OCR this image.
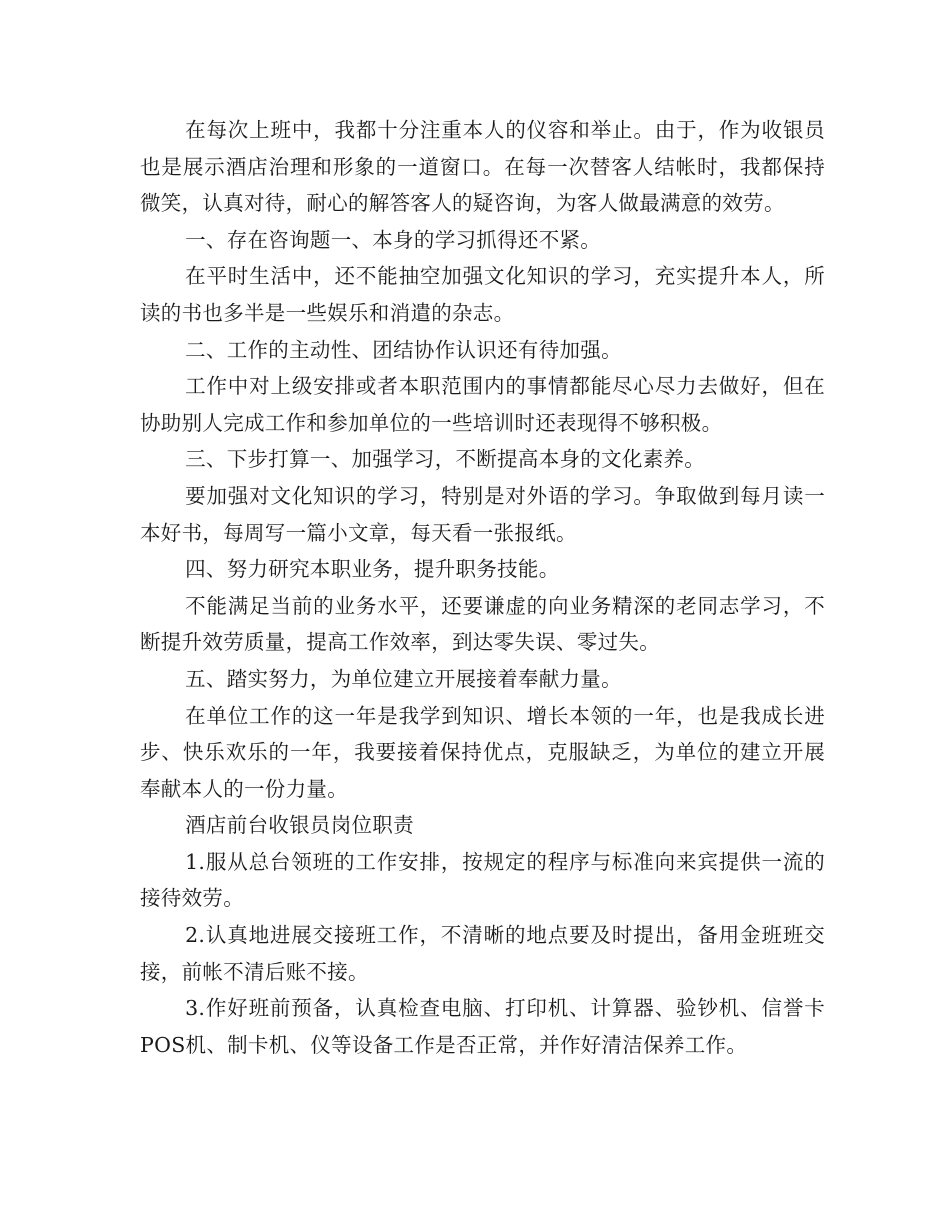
在每次上班中，我都十分注重本人的仪容和举止。由于，作为收银员也是展示酒店治理和形象的一道窗口。在每一次替客人结帐时，我都保持微笑，认真对待，耐心的解答客人的疑咨询，为客人做最满意的效劳。

一、存在咨询题一、本身的学习抓得还不紧。

在平时生活中，还不能抽空加强文化知识的学习，充实提升本人，所读的书也多半是一些娱乐和消遣的杂志。

二、工作的主动性、团结协作认识还有待加强。

工作中对上级安排或者本职范围内的事情都能尽心尽力去做好，但在协助别人完成工作和参加单位的一些培训时还表现得不够积极。

三、下步打算一、加强学习，不断提高本身的文化素养。

要加强对文化知识的学习，特别是对外语的学习。争取做到每月读一本好书，每周写一篇小文章，每天看一张报纸。

四、努力研究本职业务，提升职务技能。

不能满足当前的业务水平，还要谦虚的向业务精深的老同志学习，不断提升效劳质量，提高工作效率，到达零失误、零过失。

五、踏实努力，为单位建立开展接着奉献力量。

在单位工作的这一年是我学到知识、增长本领的一年，也是我成长进步、快乐欢乐的一年，我要接着保持优点，克服缺乏，为单位的建立开展奉献本人的一份力量。

酒店前台收银员岗位职责

1.服从总台领班的工作安排，按规定的程序与标准向来宾提供一流的接待效劳。

2.认真地进展交接班工作，不清晰的地点要及时提出，备用金班班交接，前帐不清后账不接。

3.作好班前预备，认真检查电脑、打印机、计算器、验钞机、信誉卡POS机、制卡机、仪等设备工作是否正常，并作好清洁保养工作。
